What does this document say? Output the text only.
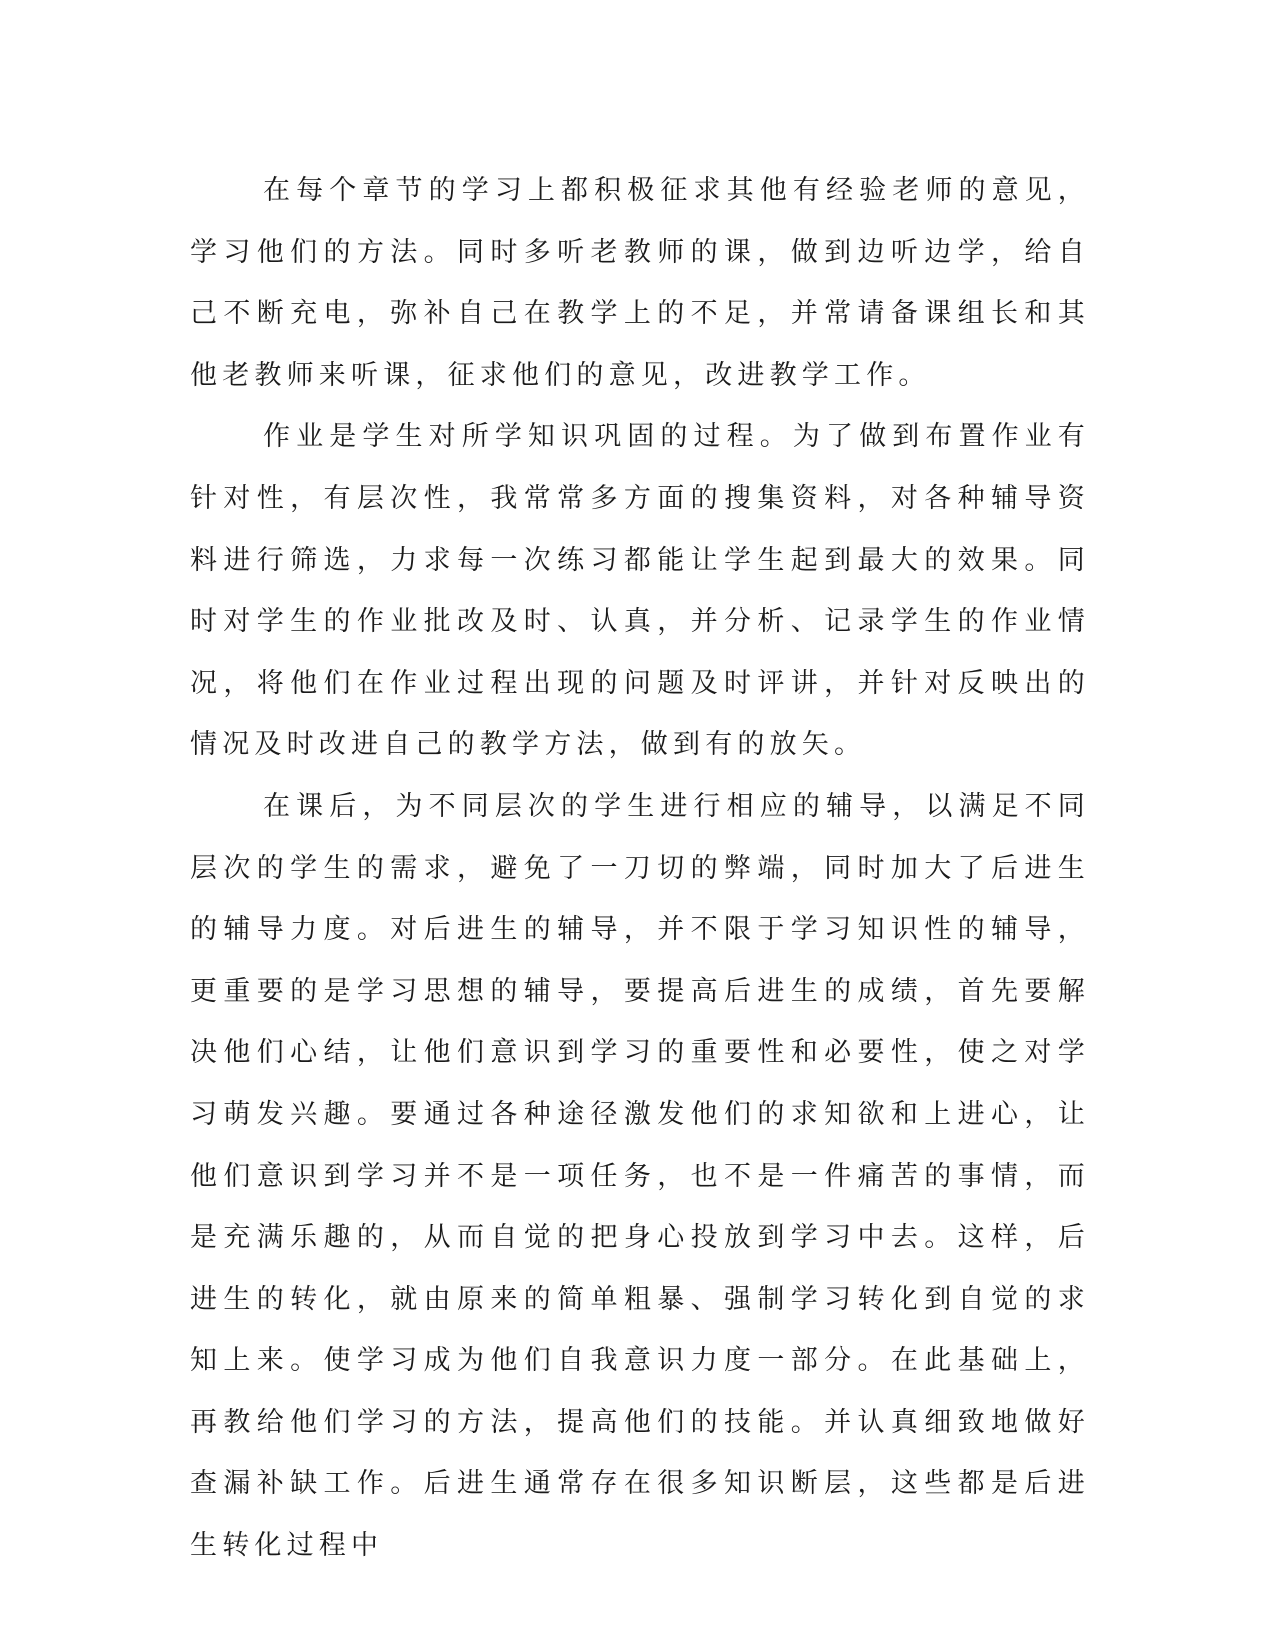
在每个章节的学习上都积极征求其他有经验老师的意见，学习他们的方法。同时多听老教师的课，做到边听边学，给自己不断充电，弥补自己在教学上的不足，并常请备课组长和其他老教师来听课，征求他们的意见，改进教学工作。

作业是学生对所学知识巩固的过程。为了做到布置作业有针对性，有层次性，我常常多方面的搜集资料，对各种辅导资料进行筛选，力求每一次练习都能让学生起到最大的效果。同时对学生的作业批改及时、认真，并分析、记录学生的作业情况，将他们在作业过程出现的问题及时评讲，并针对反映出的情况及时改进自己的教学方法，做到有的放矢。

在课后，为不同层次的学生进行相应的辅导，以满足不同层次的学生的需求，避免了一刀切的弊端，同时加大了后进生的辅导力度。对后进生的辅导，并不限于学习知识性的辅导，更重要的是学习思想的辅导，要提高后进生的成绩，首先要解决他们心结，让他们意识到学习的重要性和必要性，使之对学习萌发兴趣。要通过各种途径激发他们的求知欲和上进心，让他们意识到学习并不是一项任务，也不是一件痛苦的事情，而是充满乐趣的，从而自觉的把身心投放到学习中去。这样，后进生的转化，就由原来的简单粗暴、强制学习转化到自觉的求知上来。使学习成为他们自我意识力度一部分。在此基础上，再教给他们学习的方法，提高他们的技能。并认真细致地做好查漏补缺工作。后进生通常存在很多知识断层，这些都是后进生转化过程中
